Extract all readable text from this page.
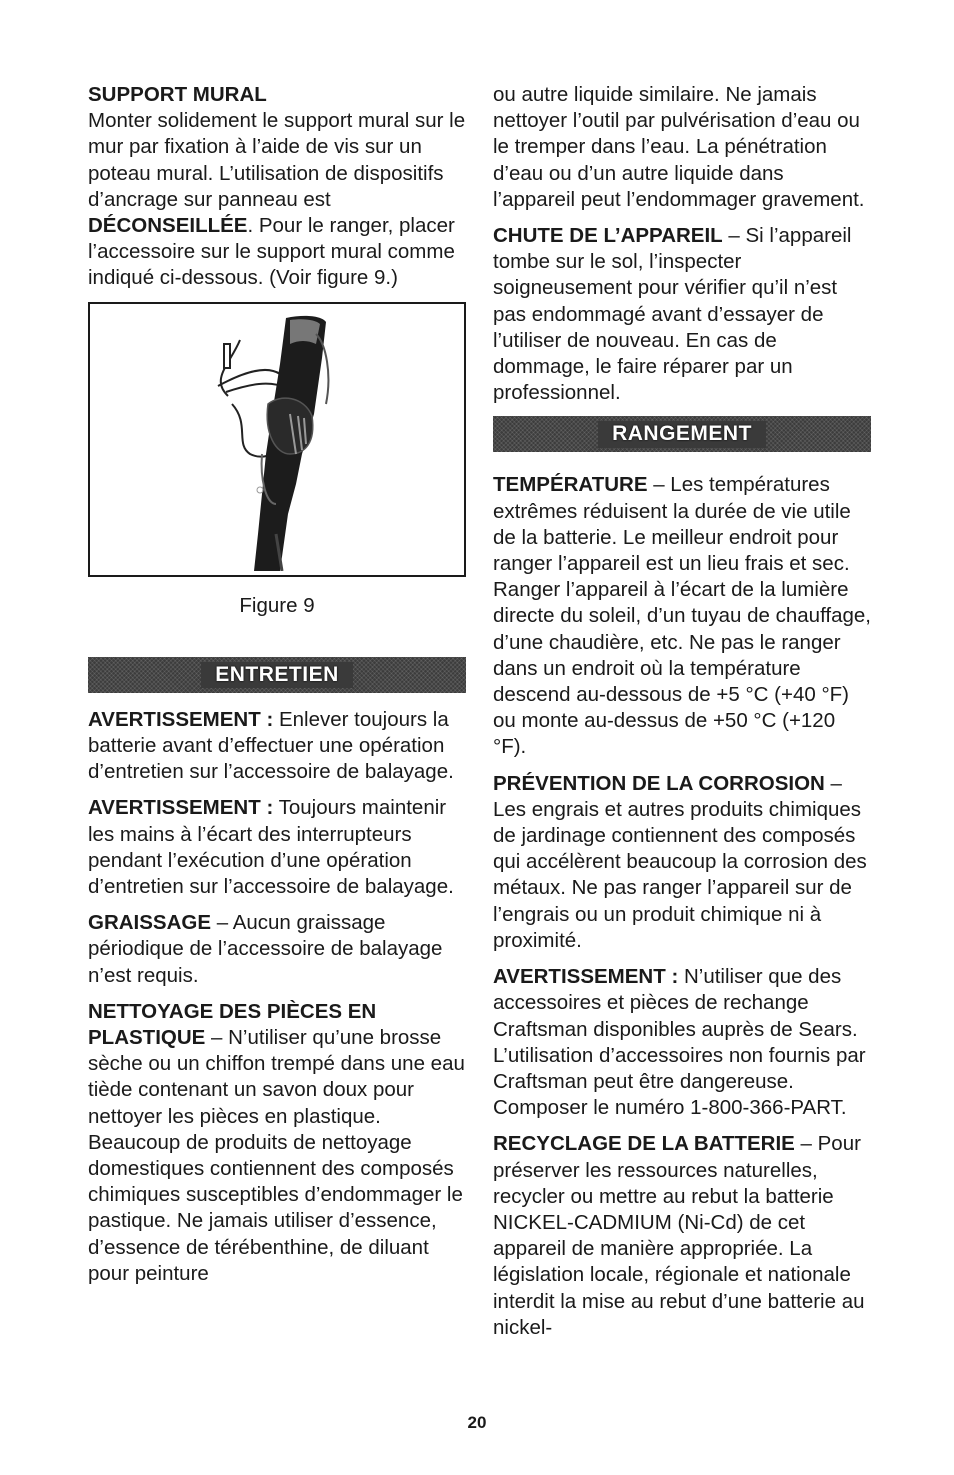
SUPPORT MURAL

Monter solidement le support mural sur le mur par fixation à l’aide de vis sur un poteau mural. L’utilisation de dispositifs d’ancrage sur panneau est DÉCONSEILLÉE. Pour le ranger, placer l’accessoire sur le support mural comme indiqué ci-dessous. (Voir figure 9.)

Figure 9

ENTRETIEN

AVERTISSEMENT : Enlever toujours la batterie avant d’effectuer une opération d’entretien sur l’accessoire de balayage.

AVERTISSEMENT : Toujours maintenir les mains à l’écart des interrupteurs pendant l’exécution d’une opération d’entretien sur l’accessoire de balayage.

GRAISSAGE – Aucun graissage périodique de l’accessoire de balayage n’est requis.

NETTOYAGE DES PIÈCES EN PLASTIQUE – N’utiliser qu’une brosse sèche ou un chiffon trempé dans une eau tiède contenant un savon doux pour nettoyer les pièces en plastique. Beaucoup de produits de nettoyage domestiques contiennent des composés chimiques susceptibles d’endommager le pastique. Ne jamais utiliser d’essence, d’essence de térébenthine, de diluant pour peinture

ou autre liquide similaire. Ne jamais nettoyer l’outil par pulvérisation d’eau ou le tremper dans l’eau. La pénétration d’eau ou d’un autre liquide dans l’appareil peut l’endommager gravement.

CHUTE DE L’APPAREIL – Si l’appareil tombe sur le sol, l’inspecter soigneusement pour vérifier qu’il n’est pas endommagé avant d’essayer de l’utiliser de nouveau. En cas de dommage, le faire réparer par un professionnel.

RANGEMENT

TEMPÉRATURE – Les températures extrêmes réduisent la durée de vie utile de la batterie. Le meilleur endroit pour ranger l’appareil est un lieu frais et sec. Ranger l’appareil à l’écart de la lumière directe du soleil, d’un tuyau de chauffage, d’une chaudière, etc. Ne pas le ranger dans un endroit où la température descend au-dessous de +5 °C (+40 °F) ou monte au-dessus de +50 °C (+120 °F).

PRÉVENTION DE LA CORROSION – Les engrais et autres produits chimiques de jardinage contiennent des composés qui accélèrent beaucoup la corrosion des métaux. Ne pas ranger l’appareil sur de l’engrais ou un produit chimique ni à proximité.

AVERTISSEMENT : N’utiliser que des accessoires et pièces de rechange Craftsman disponibles auprès de Sears. L’utilisation d’accessoires non fournis par Craftsman peut être dangereuse. Composer le numéro 1-800-366-PART.

RECYCLAGE DE LA BATTERIE – Pour préserver les ressources naturelles, recycler ou mettre au rebut la batterie NICKEL-CADMIUM (Ni-Cd) de cet appareil de manière appropriée. La législation locale, régionale et nationale interdit la mise au rebut d’une batterie au nickel-

20
